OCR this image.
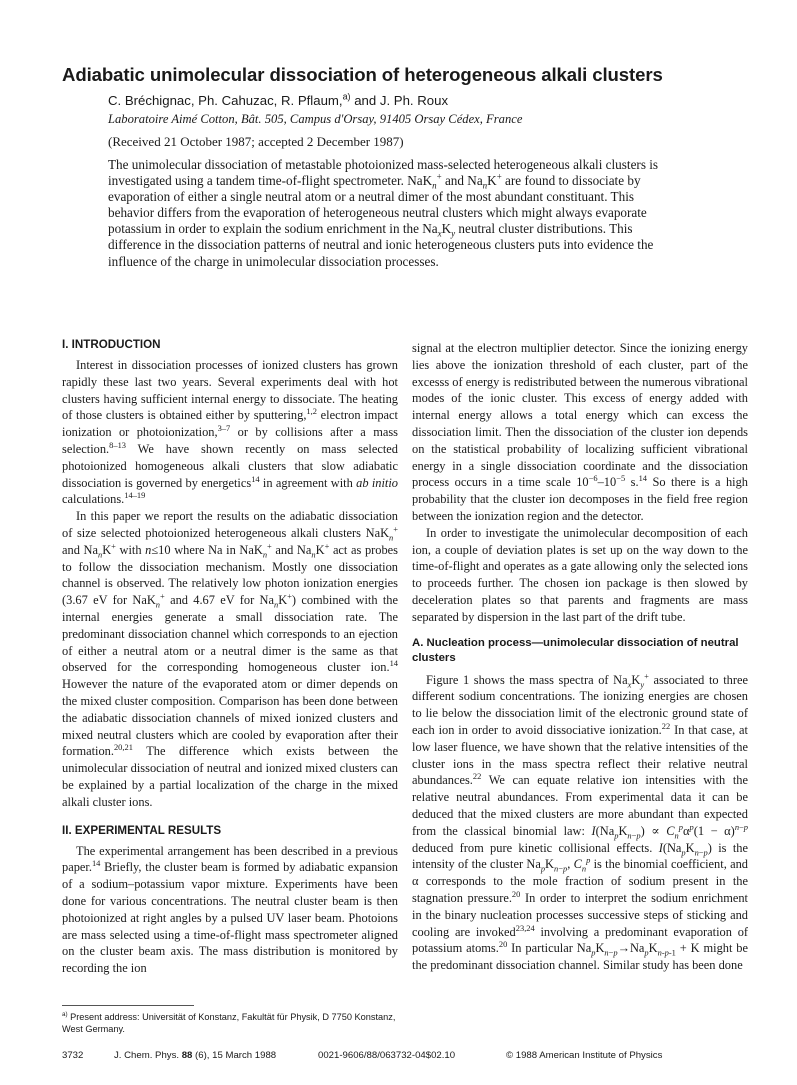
Adiabatic unimolecular dissociation of heterogeneous alkali clusters
C. Bréchignac, Ph. Cahuzac, R. Pflaum,$^{a)}$ and J. Ph. Roux
Laboratoire Aimé Cotton, Bât. 505, Campus d'Orsay, 91405 Orsay Cédex, France
(Received 21 October 1987; accepted 2 December 1987)

The unimolecular dissociation of metastable photoionized mass-selected heterogeneous alkali clusters is investigated using a tandem time-of-flight spectrometer. NaK$_n$+ and $Na_nK^+$ are found to dissociate by evaporation of either a single neutral atom or a neutral dimer of the most abundant constituant. This behavior differs from the evaporation of heterogeneous neutral clusters which might always evaporate potassium in order to explain the sodium enrichment in the $Na_xK_y$ neutral cluster distributions. This difference in the dissociation patterns of neutral and ionic heterogeneous clusters puts into evidence the influence of the charge in unimolecular dissociation processes.

I. INTRODUCTION

Interest in dissociation processes of ionized clusters has grown rapidly these last two years. Several experiments deal with hot clusters having sufficient internal energy to dissociate. The heating of those clusters is obtained either by sputtering,$^{1,2}$ electron impact ionization or photoionization,$^{3-7}$ or by collisions after a mass selection.$^{8-13}$ We have shown recently on mass selected photoionized homogeneous alkali clusters that slow adiabatic dissociation is governed by energetics$^{14}$ in agreement with ab initio calculations.$^{14-19}$

In this paper we report the results on the adiabatic dissociation of size selected photoionized heterogeneous alkali clusters NaK$_n$+ and $Na_nK^+$ with n≤10 where Na in NaK$_n$+ and $Na_nK^+$ act as probes to follow the dissociation mechanism. Mostly one dissociation channel is observed. The relatively low photon ionization energies (3.67 eV for NaK$_n$+ and 4.67 eV for $Na_nK^+$) combined with the internal energies generate a small dissociation rate. The predominant dissociation channel which corresponds to an ejection of either a neutral atom or a neutral dimer is the same as that observed for the corresponding homogeneous cluster ion.$^{14}$ However the nature of the evaporated atom or dimer depends on the mixed cluster composition. Comparison has been done between the adiabatic dissociation channels of mixed ionized clusters and mixed neutral clusters which are cooled by evaporation after their formation.$^{20,21}$ The difference which exists between the unimolecular dissociation of neutral and ionized mixed clusters can be explained by a partial localization of the charge in the mixed alkali cluster ions.

II. EXPERIMENTAL RESULTS

The experimental arrangement has been described in a previous paper.$^{14}$ Briefly, the cluster beam is formed by adiabatic expansion of a sodium–potassium vapor mixture. Experiments have been done for various concentrations. The neutral cluster beam is then photoionized at right angles by a pulsed UV laser beam. Photoions are mass selected using a time-of-flight mass spectrometer aligned on the cluster beam axis. The mass distribution is monitored by recording the ion

signal at the electron multiplier detector. Since the ionizing energy lies above the ionization threshold of each cluster, part of the excesss of energy is redistributed between the numerous vibrational modes of the ionic cluster. This excess of energy added with internal energy allows a total energy which can excess the dissociation limit. Then the dissociation of the cluster ion depends on the statistical probability of localizing sufficient vibrational energy in a single dissociation coordinate and the dissociation process occurs in a time scale $10^{-6}-10^{-5}$ s.$^{14}$ So there is a high probability that the cluster ion decomposes in the field free region between the ionization region and the detector.

In order to investigate the unimolecular decomposition of each ion, a couple of deviation plates is set up on the way down to the time-of-flight and operates as a gate allowing only the selected ions to proceeds further. The chosen ion package is then slowed by deceleration plates so that parents and fragments are mass separated by dispersion in the last part of the drift tube.

A. Nucleation process—unimolecular dissociation of neutral clusters

Figure 1 shows the mass spectra of $Na_xK_y^+$ associated to three different sodium concentrations. The ionizing energies are chosen to lie below the dissociation limit of the electronic ground state of each ion in order to avoid dissociative ionization.$^{22}$ In that case, at low laser fluence, we have shown that the relative intensities of the cluster ions in the mass spectra reflect their relative neutral abundances.$^{22}$ We can equate relative ion intensities with the relative neutral abundances. From experimental data it can be deduced that the mixed clusters are more abundant than expected from the classical binomial law: $I(Na_pK_{n-p}) \propto C_n^p\alpha^p(1 - \alpha)^{n-p}$ deduced from pure kinetic collisional effects. $I(Na_pK_{n-p})$ is the intensity of the cluster $Na_pK_{n-p}$, $C_n^p$ is the binomial coefficient, and α corresponds to the mole fraction of sodium present in the stagnation pressure.$^{20}$ In order to interpret the sodium enrichment in the binary nucleation processes successive steps of sticking and cooling are invoked$^{23,24}$ involving a predominant evaporation of potassium atoms.$^{20}$ In particular $Na_pK_{n-p}\to Na_pK_{n-p-1} + K$ might be the predominant dissociation channel. Similar study has been done

$^{a)}$ Present address: Universität of Konstanz, Fakultät für Physik, D 7750 Konstanz, West Germany.
3732	J. Chem. Phys. 88 (6), 15 March 1988	0021-9606/88/063732-04$02.10	© 1988 American Institute of Physics
